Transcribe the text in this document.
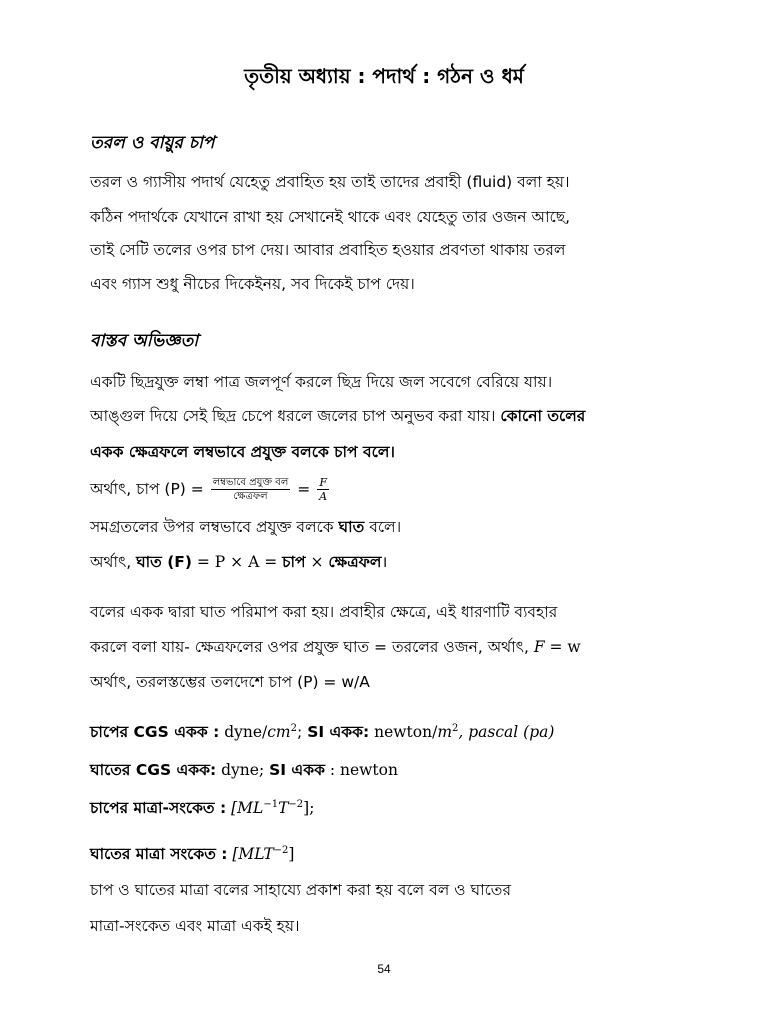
তৃতীয় অধ্যায় : পদার্থ : গঠন ও ধর্ম
তরল ও বায়ুর চাপ
তরল ও গ্যাসীয় পদার্থ যেহেতু প্রবাহিত হয় তাই তাদের প্রবাহী (fluid) বলা হয়।
কঠিন পদার্থকে যেখানে রাখা হয় সেখানেই থাকে এবং যেহেতু তার ওজন আছে,
তাই সেটি তলের ওপর চাপ দেয়। আবার প্রবাহিত হওয়ার প্রবণতা থাকায় তরল
এবং গ্যাস শুধু নীচের দিকেইনয়, সব দিকেই চাপ দেয়।
বাস্তব অভিজ্ঞতা
একটি ছিদ্রযুক্ত লম্বা পাত্র জলপূর্ণ করলে ছিদ্র দিয়ে জল সবেগে বেরিয়ে যায়।
আঙ্গুল দিয়ে সেই ছিদ্র চেপে ধরলে জলের চাপ অনুভব করা যায়। কোনো তলের
একক ক্ষেত্রফলে লম্বভাবে প্রযুক্ত বলকে চাপ বলে।
অর্থাৎ, চাপ $(P) = \frac{\text{লম্বভাবে প্রযুক্ত বল}}{\text{ক্ষেত্রফল}} = \frac{F}{A}$
সমগ্রতলের উপর লম্বভাবে প্রযুক্ত বলকে ঘাত বলে।
অর্থাৎ, ঘাত (F) = P × A = চাপ × ক্ষেত্রফল।
বলের একক দ্বারা ঘাত পরিমাপ করা হয়। প্রবাহীর ক্ষেত্রে, এই ধারণাটি ব্যবহার
করলে বলা যায়- ক্ষেত্রফলের ওপর প্রযুক্ত ঘাত = তরলের ওজন, অর্থাৎ, F = w
অর্থাৎ, তরলস্তম্ভের তলদেশে চাপ (P) = w/A
চাপের CGS একক : dyne/$cm^2$; SI একক: newton/$m^2$, pascal (pa)
ঘাতের CGS একক: dyne; SI একক : newton
চাপের মাত্রা-সংকেত : $[ML^{-1}T^{-2}]$;
ঘাতের মাত্রা সংকেত : $[MLT^{-2}]$
চাপ ও ঘাতের মাত্রা বলের সাহায্যে প্রকাশ করা হয় বলে বল ও ঘাতের
মাত্রা-সংকেত এবং মাত্রা একই হয়।
54
